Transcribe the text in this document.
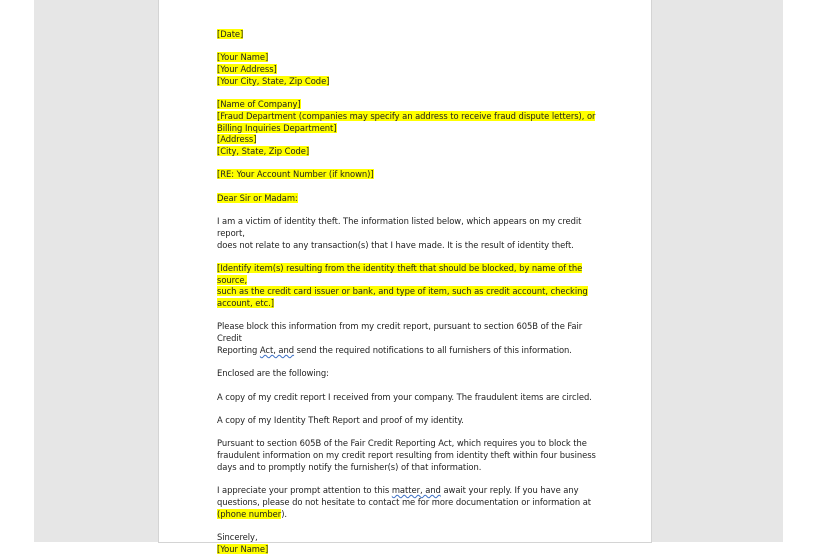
[Date]

[Your Name]
[Your Address]
[Your City, State, Zip Code]

[Name of Company]
[Fraud Department (companies may specify an address to receive fraud dispute letters), or
Billing Inquiries Department]
[Address]
[City, State, Zip Code]

[RE: Your Account Number (if known)]

Dear Sir or Madam:

I am a victim of identity theft. The information listed below, which appears on my credit report,
does not relate to any transaction(s) that I have made. It is the result of identity theft.

[Identify item(s) resulting from the identity theft that should be blocked, by name of the source,
such as the credit card issuer or bank, and type of item, such as credit account, checking
account, etc.]

Please block this information from my credit report, pursuant to section 605B of the Fair Credit
Reporting Act, and send the required notifications to all furnishers of this information.

Enclosed are the following:

A copy of my credit report I received from your company. The fraudulent items are circled.

A copy of my Identity Theft Report and proof of my identity.

Pursuant to section 605B of the Fair Credit Reporting Act, which requires you to block the
fraudulent information on my credit report resulting from identity theft within four business
days and to promptly notify the furnisher(s) of that information.

I appreciate your prompt attention to this matter, and await your reply. If you have any
questions, please do not hesitate to contact me for more documentation or information at
(phone number).

Sincerely,

[Your Name]
